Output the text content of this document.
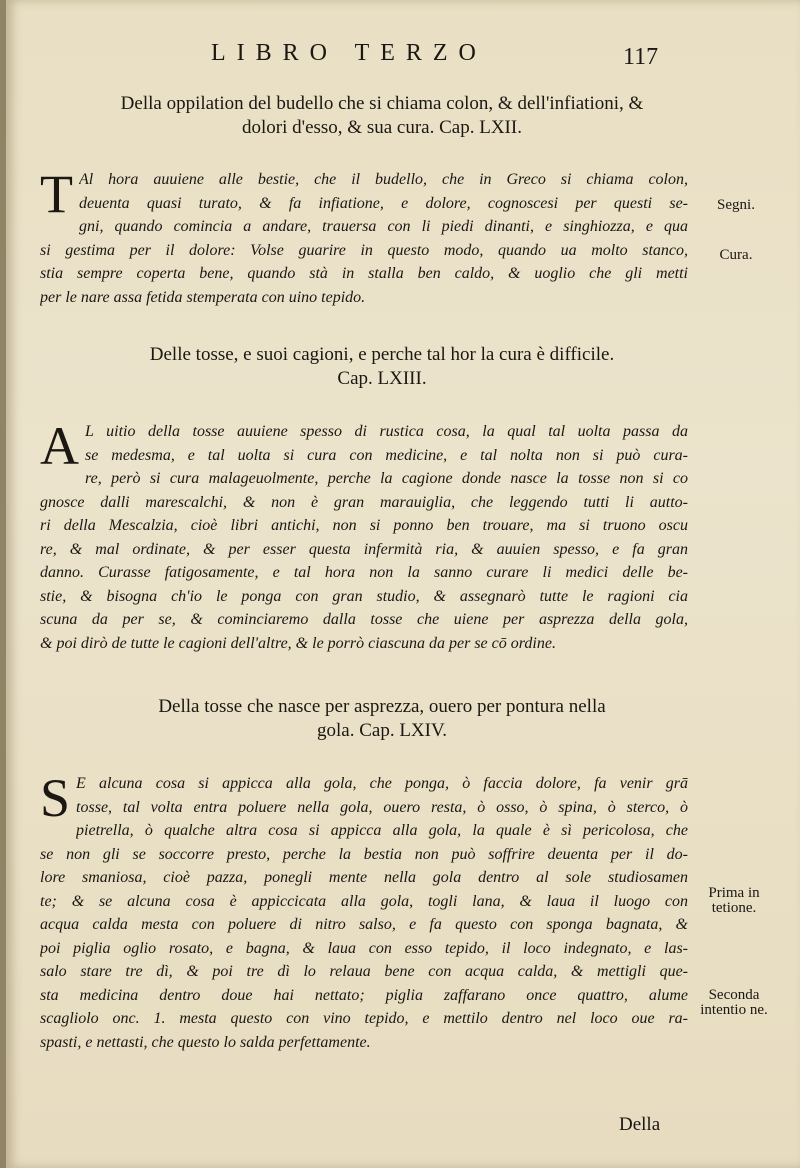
LIBRO TERZO	117
Della oppilation del budello che si chiama colon, & dell'infiationi, &
dolori d'esso, & sua cura. Cap. LXII.
T Al hora auuiene alle bestie, che il budello, che in Greco si chiama colon,
deuenta quasi turato, & fa infiatione, e dolore, cognoscesi per questi se-
gni, quando comincia a andare, trauersa con li piedi dinanti, e singhiozza, e qua
si gestima per il dolore: Volse guarire in questo modo, quando ua molto stanco,
stia sempre coperta bene, quando stà in stalla ben caldo, & uoglio che gli metti
per le nare assa fetida stemperata con uino tepido.
Delle tosse, e suoi cagioni, e perche tal hor la cura è difficile.
Cap. LXIII.
A L uitio della tosse auuiene spesso di rustica cosa, la qual tal uolta passa da
se medesma, e tal uolta si cura con medicine, e tal nolta non si può cura-
re, però si cura malageuolmente, perche la cagione donde nasce la tosse non si co
gnosce dalli marescalchi, & non è gran marauiglia, che leggendo tutti li autto-
ri della Mescalzia, cioè libri antichi, non si ponno ben trouare, ma si truono oscu
re, & mal ordinate, & per esser questa infermità ria, & auuien spesso, e fa gran
danno. Curasse fatigosamente, e tal hora non la sanno curare li medici delle be-
stie, & bisogna ch'io le ponga con gran studio, & assegnarò tutte le ragioni cia
scuna da per se, & cominciaremo dalla tosse che uiene per asprezza della gola,
& poi dirò de tutte le cagioni dell'altre, & le porrò ciascuna da per se cō ordine.
Della tosse che nasce per asprezza, ouero per pontura nella
gola. Cap. LXIV.
S E alcuna cosa si appicca alla gola, che ponga, ò faccia dolore, fa venir grā
tosse, tal volta entra poluere nella gola, ouero resta, ò osso, ò spina, ò sterco, ò
pietrella, ò qualche altra cosa si appicca alla gola, la quale è sì pericolosa, che
se non gli se soccorre presto, perche la bestia non può soffrire deuenta per il do-
lore smaniosa, cioè pazza, ponegli mente nella gola dentro al sole studiosamen
te; & se alcuna cosa è appiccicata alla gola, togli lana, & laua il luogo con
acqua calda mesta con poluere di nitro salso, e fa questo con sponga bagnata, &
poi piglia oglio rosato, e bagna, & laua con esso tepido, il loco indegnato, e las-
salo stare tre dì, & poi tre dì lo relaua bene con acqua calda, & mettigli que-
sta medicina dentro doue hai nettato; piglia zaffarano once quattro, alume
scagliolo onc. 1. mesta questo con vino tepido, e mettilo dentro nel loco oue ra-
spasti, e nettasti, che questo lo salda perfettamente.
Segni.
Cura.
Prima in tetione.
Seconda intentio ne.
Della
